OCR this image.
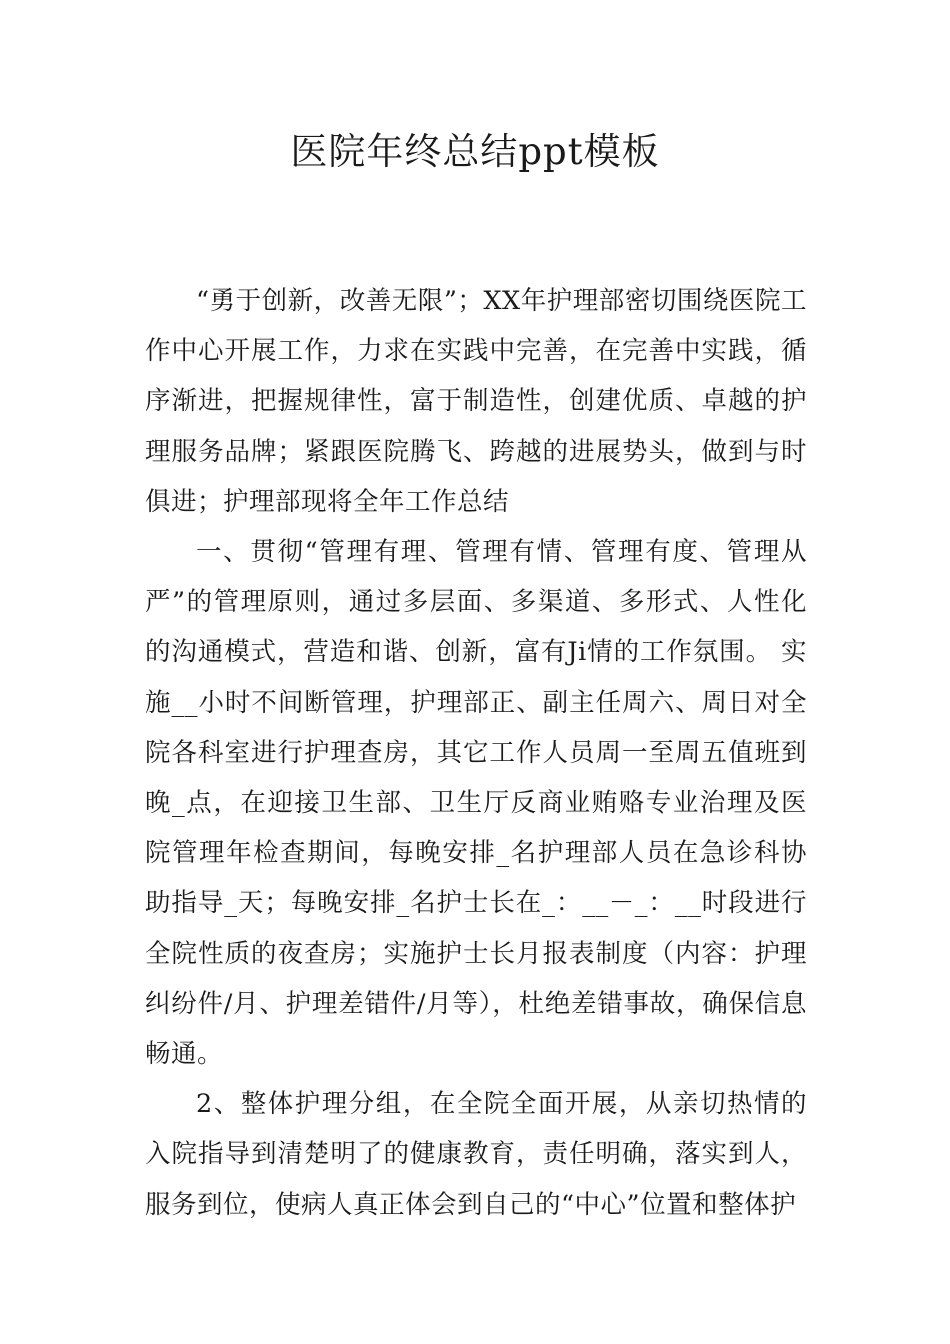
医院年终总结ppt模板

“勇于创新，改善无限”；XX年护理部密切围绕医院工作中心开展工作，力求在实践中完善，在完善中实践，循序渐进，把握规律性，富于制造性，创建优质、卓越的护理服务品牌；紧跟医院腾飞、跨越的进展势头，做到与时俱进；护理部现将全年工作总结

一、贯彻“管理有理、管理有情、管理有度、管理从严”的管理原则，通过多层面、多渠道、多形式、人性化的沟通模式，营造和谐、创新，富有Ji情的工作氛围。 实施__小时不间断管理，护理部正、副主任周六、周日对全院各科室进行护理查房，其它工作人员周一至周五值班到晚_点，在迎接卫生部、卫生厅反商业贿赂专业治理及医院管理年检查期间，每晚安排_名护理部人员在急诊科协助指导_天；每晚安排_名护士长在_：__－_：__时段进行全院性质的夜查房；实施护士长月报表制度（内容：护理纠纷件/月、护理差错件/月等），杜绝差错事故，确保信息畅通。

2、整体护理分组，在全院全面开展，从亲切热情的入院指导到清楚明了的健康教育，责任明确，落实到人，服务到位，使病人真正体会到自己的“中心”位置和整体护
